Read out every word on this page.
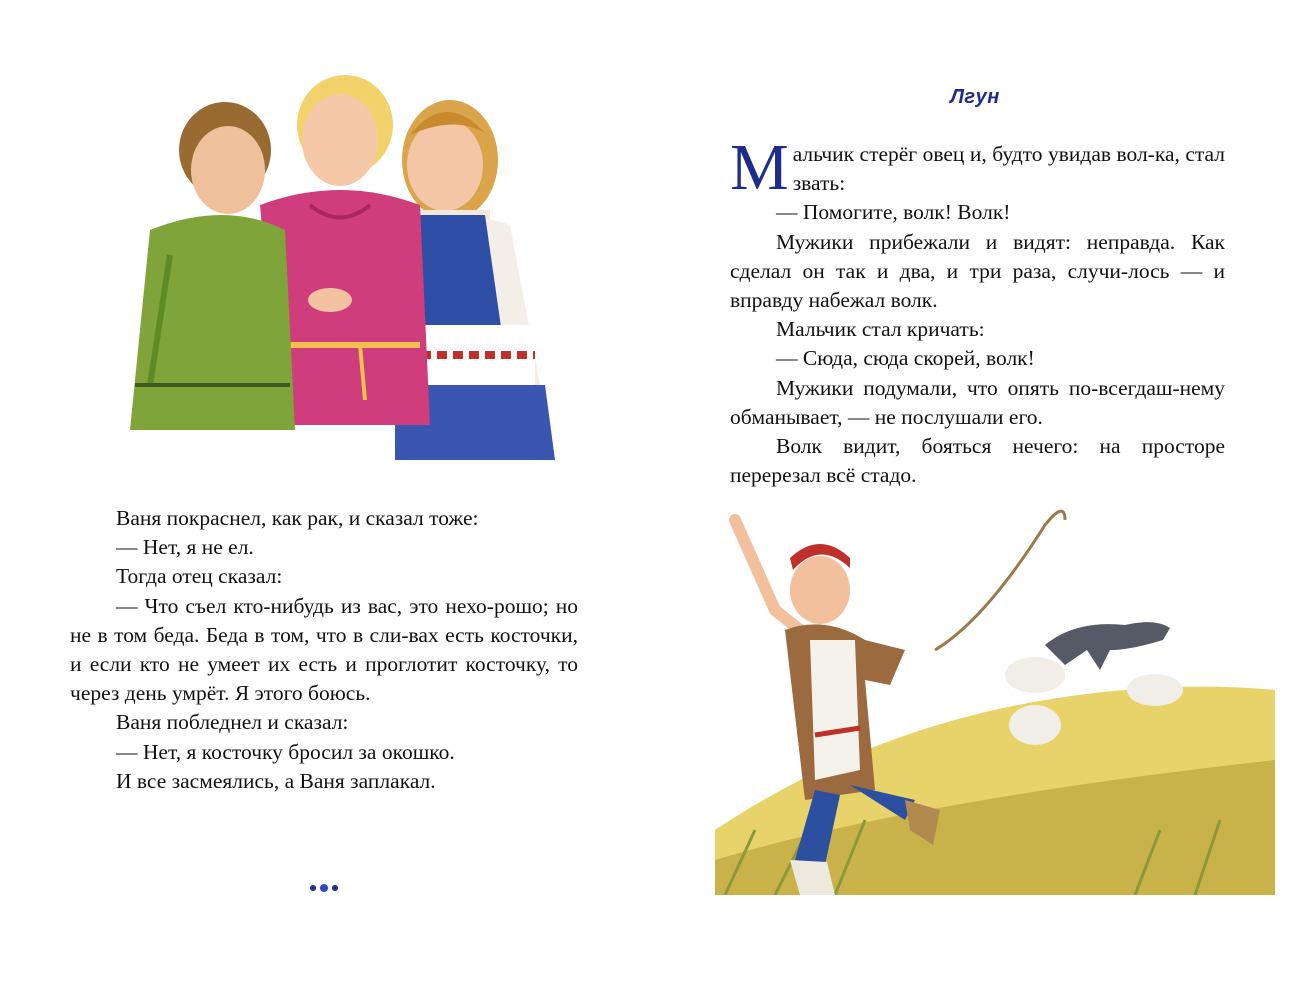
Ваня покраснел, как рак, и сказал тоже:

— Нет, я не ел.

Тогда отец сказал:

— Что съел кто-нибудь из вас, это нехо-рошо; но не в том беда. Беда в том, что в сли-вах есть косточки, и если кто не умеет их есть и проглотит косточку, то через день умрёт. Я этого боюсь.

Ваня побледнел и сказал:

— Нет, я косточку бросил за окошко.

И все засмеялись, а Ваня заплакал.

Лгун

Мальчик стерёг овец и, будто увидав вол-ка, стал звать:

— Помогите, волк! Волк!

Мужики прибежали и видят: неправда. Как сделал он так и два, и три раза, случи-лось — и вправду набежал волк.

Мальчик стал кричать:

— Сюда, сюда скорей, волк!

Мужики подумали, что опять по-всегдаш-нему обманывает, — не послушали его.

Волк видит, бояться нечего: на просторе перерезал всё стадо.
